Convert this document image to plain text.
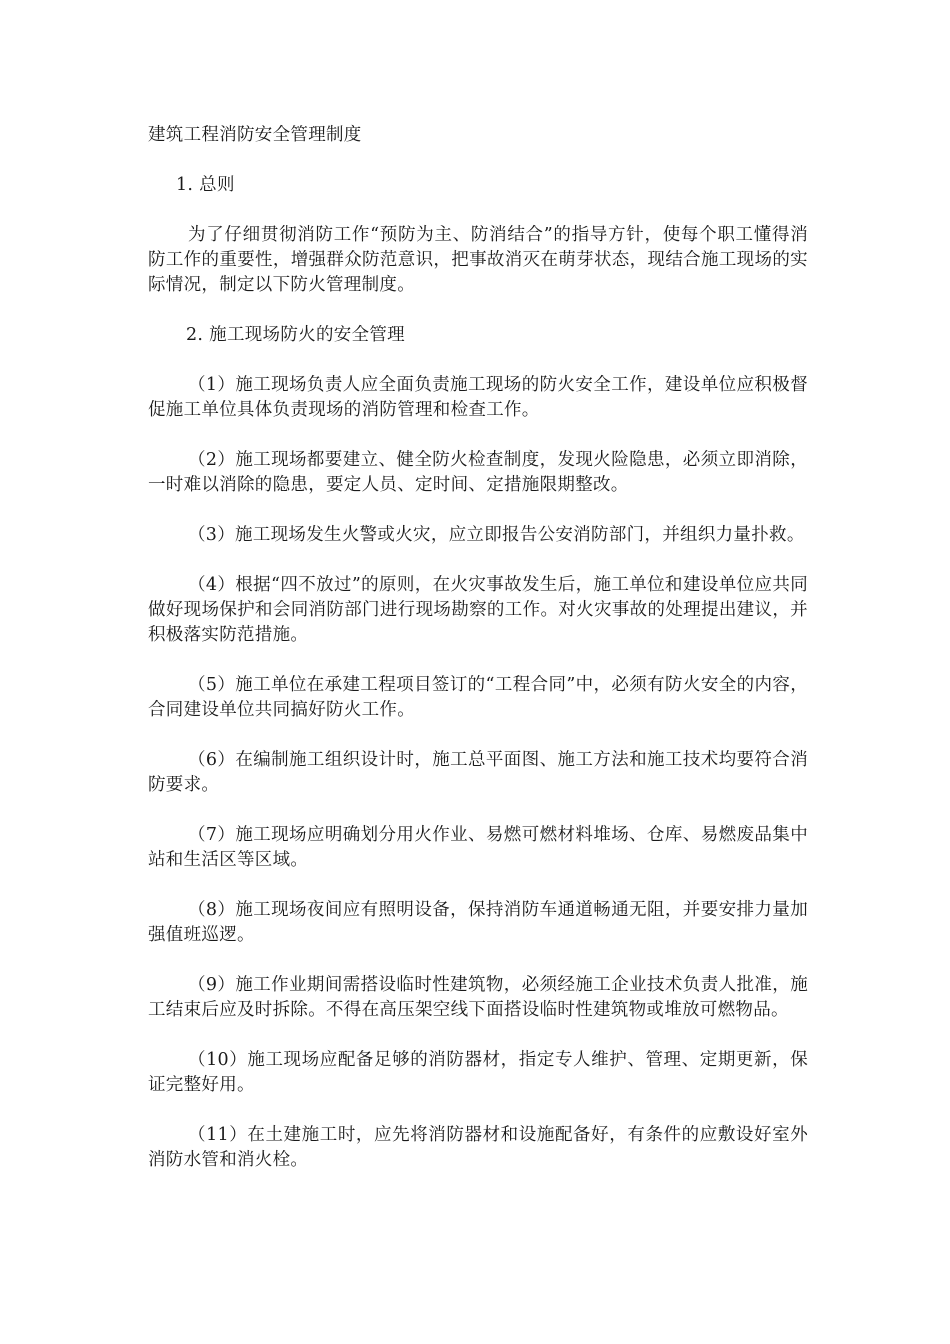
建筑工程消防安全管理制度

1. 总则

为了仔细贯彻消防工作“预防为主、防消结合”的指导方针，使每个职工懂得消防工作的重要性，增强群众防范意识，把事故消灭在萌芽状态，现结合施工现场的实际情况，制定以下防火管理制度。

2. 施工现场防火的安全管理

（1）施工现场负责人应全面负责施工现场的防火安全工作，建设单位应积极督促施工单位具体负责现场的消防管理和检查工作。

（2）施工现场都要建立、健全防火检查制度，发现火险隐患，必须立即消除，一时难以消除的隐患，要定人员、定时间、定措施限期整改。

（3）施工现场发生火警或火灾，应立即报告公安消防部门，并组织力量扑救。

（4）根据“四不放过”的原则，在火灾事故发生后，施工单位和建设单位应共同做好现场保护和会同消防部门进行现场勘察的工作。对火灾事故的处理提出建议，并积极落实防范措施。

（5）施工单位在承建工程项目签订的“工程合同”中，必须有防火安全的内容，合同建设单位共同搞好防火工作。

（6）在编制施工组织设计时，施工总平面图、施工方法和施工技术均要符合消防要求。

（7）施工现场应明确划分用火作业、易燃可燃材料堆场、仓库、易燃废品集中站和生活区等区域。

（8）施工现场夜间应有照明设备，保持消防车通道畅通无阻，并要安排力量加强值班巡逻。

（9）施工作业期间需搭设临时性建筑物，必须经施工企业技术负责人批准，施工结束后应及时拆除。不得在高压架空线下面搭设临时性建筑物或堆放可燃物品。

（10）施工现场应配备足够的消防器材，指定专人维护、管理、定期更新，保证完整好用。

（11）在土建施工时，应先将消防器材和设施配备好，有条件的应敷设好室外消防水管和消火栓。
